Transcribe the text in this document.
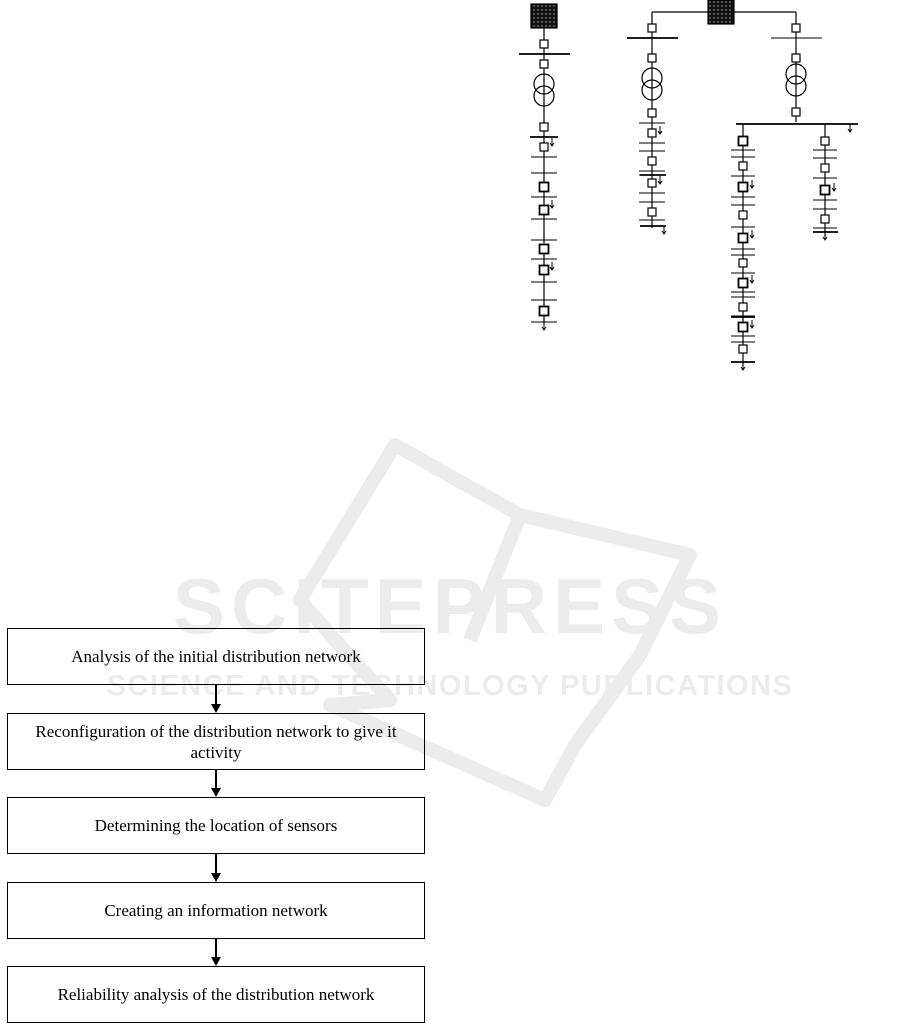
SCITEPRESS
SCIENCE AND TECHNOLOGY PUBLICATIONS
Analysis of the initial distribution network
Reconfiguration of the distribution network to give it activity
Determining the location of sensors
Creating an information network
Reliability analysis of the distribution network
